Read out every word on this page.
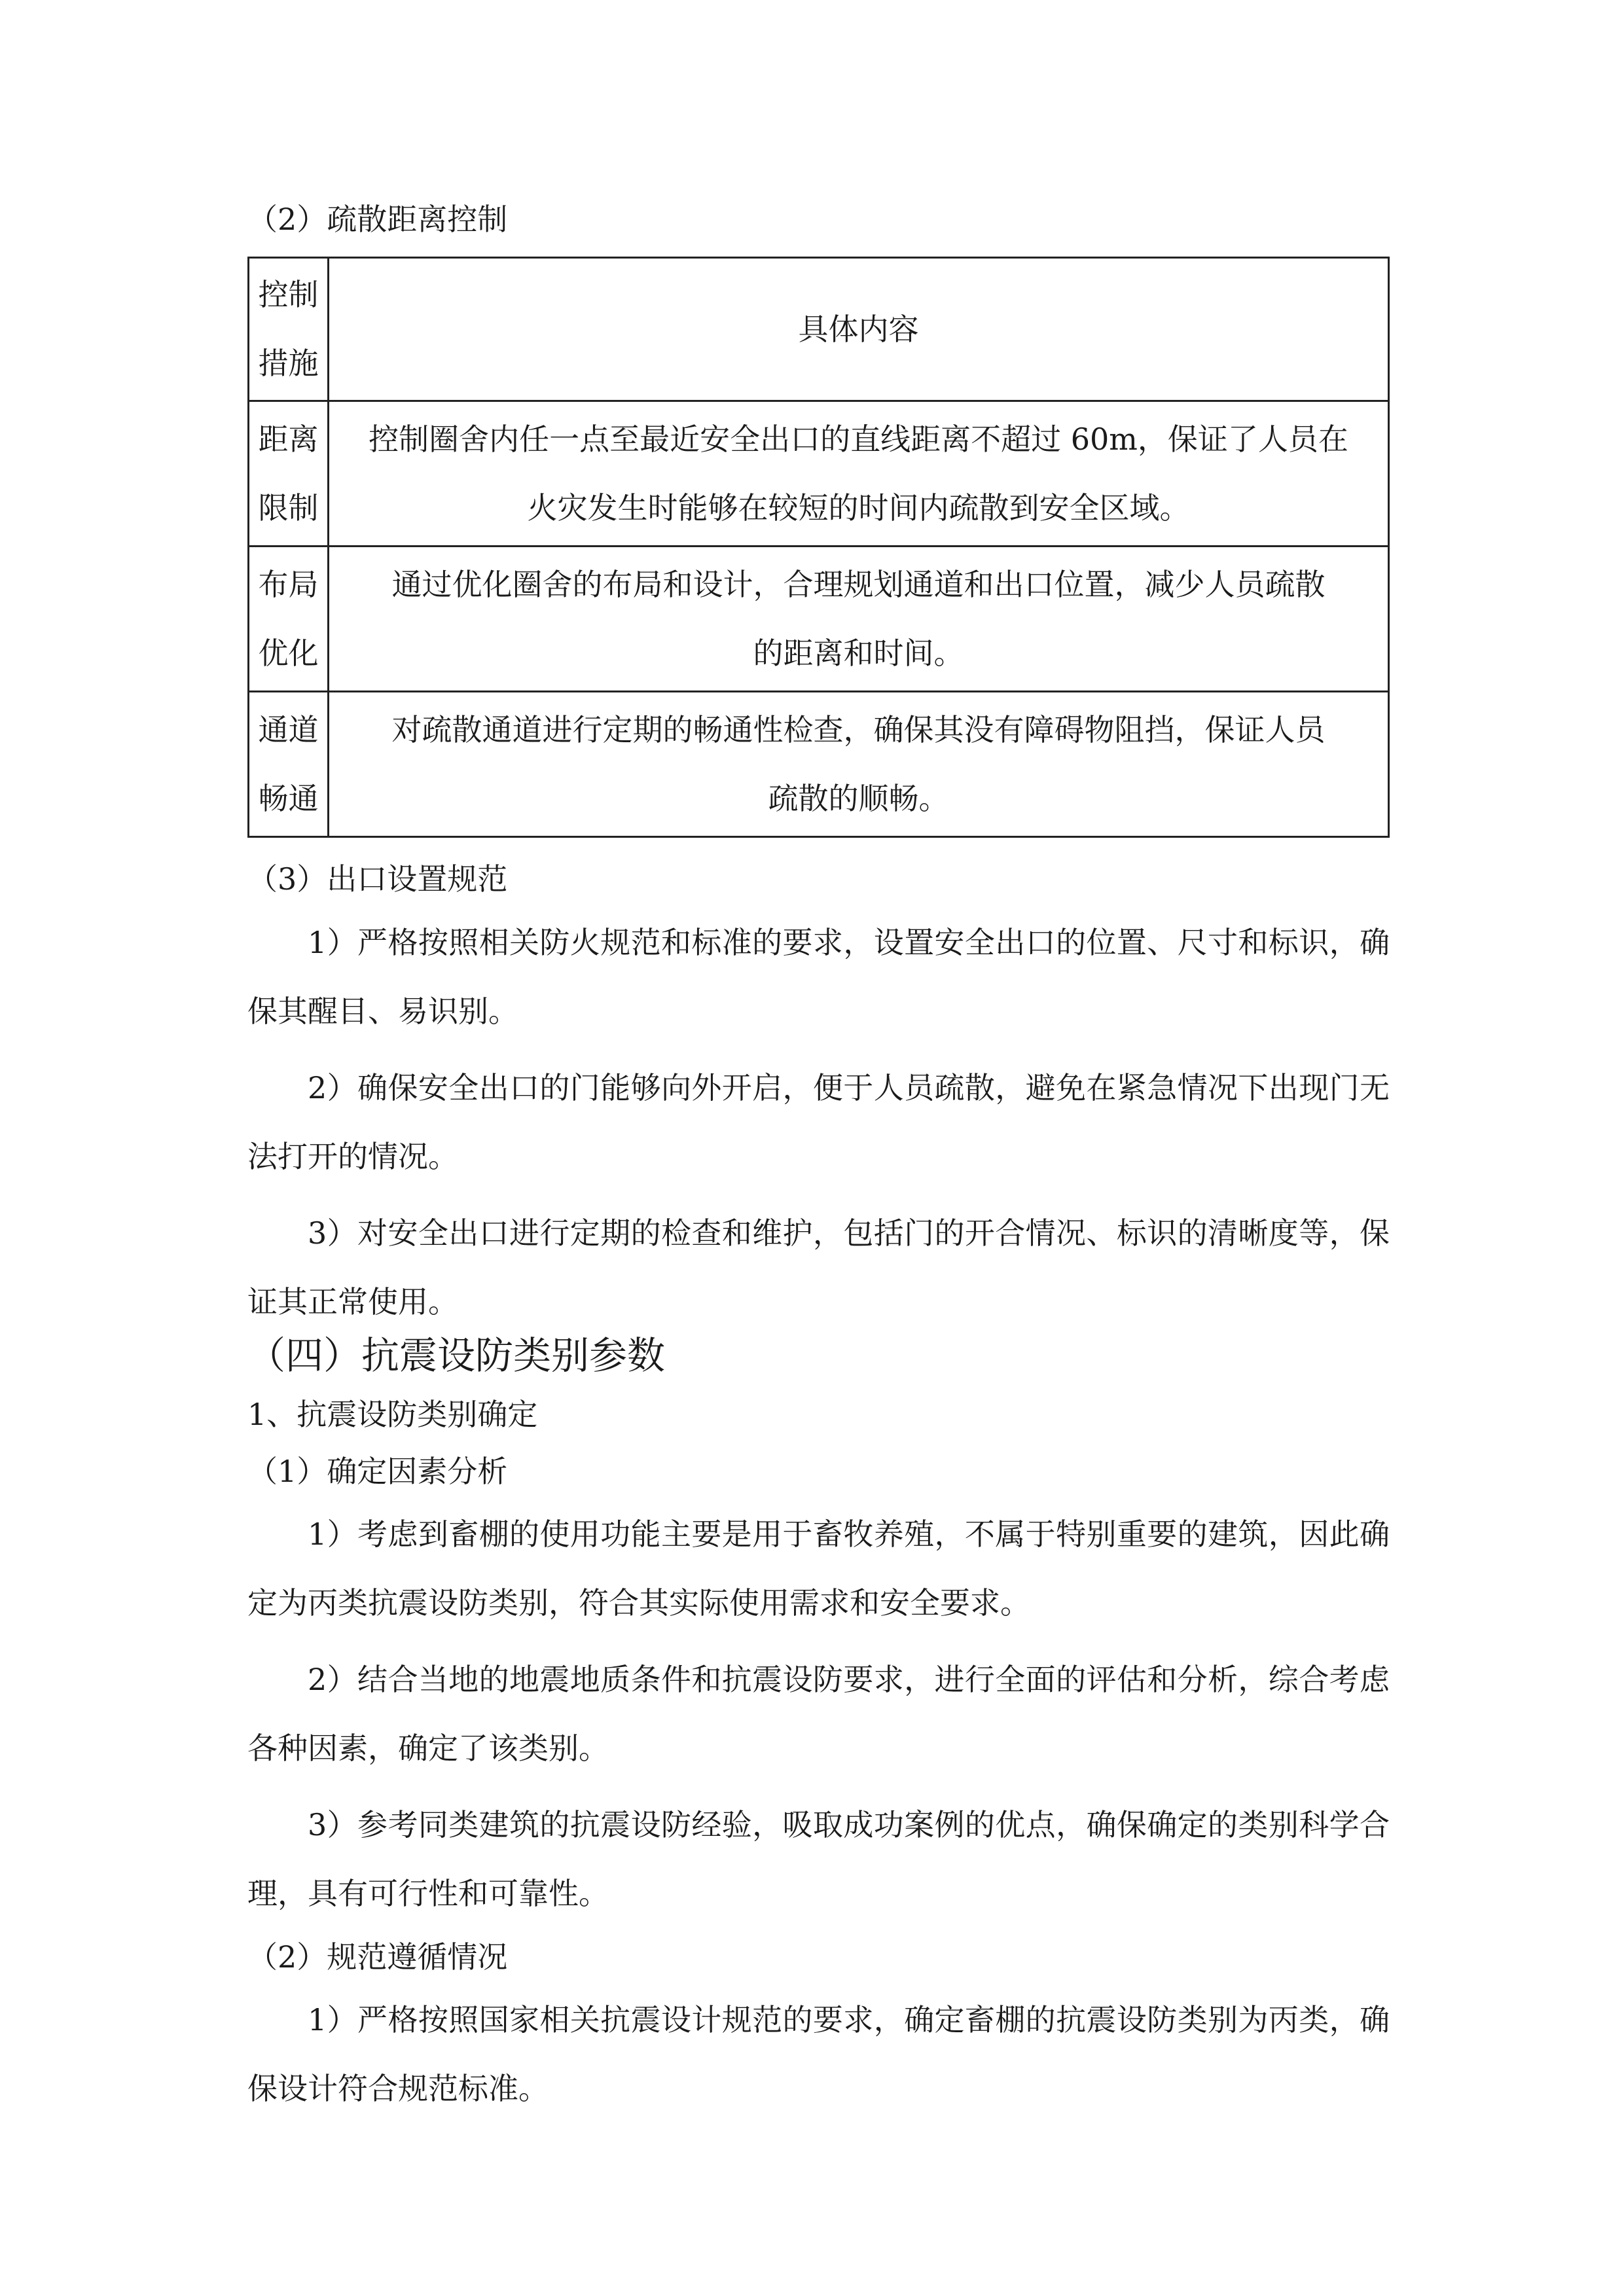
（2）疏散距离控制
控制
措施	具体内容

距离
限制	控制圈舍内任一点至最近安全出口的直线距离不超过 60m，保证了人员在
火灾发生时能够在较短的时间内疏散到安全区域。

布局
优化	通过优化圈舍的布局和设计，合理规划通道和出口位置，减少人员疏散
的距离和时间。

通道
畅通	对疏散通道进行定期的畅通性检查，确保其没有障碍物阻挡，保证人员
疏散的顺畅。
（3）出口设置规范
1）严格按照相关防火规范和标准的要求，设置安全出口的位置、尺寸和标识，确保其醒目、易识别。
2）确保安全出口的门能够向外开启，便于人员疏散，避免在紧急情况下出现门无法打开的情况。
3）对安全出口进行定期的检查和维护，包括门的开合情况、标识的清晰度等，保证其正常使用。
（四）抗震设防类别参数
1、抗震设防类别确定
（1）确定因素分析
1）考虑到畜棚的使用功能主要是用于畜牧养殖，不属于特别重要的建筑，因此确定为丙类抗震设防类别，符合其实际使用需求和安全要求。
2）结合当地的地震地质条件和抗震设防要求，进行全面的评估和分析，综合考虑各种因素，确定了该类别。
3）参考同类建筑的抗震设防经验，吸取成功案例的优点，确保确定的类别科学合理，具有可行性和可靠性。
（2）规范遵循情况
1）严格按照国家相关抗震设计规范的要求，确定畜棚的抗震设防类别为丙类，确保设计符合规范标准。
